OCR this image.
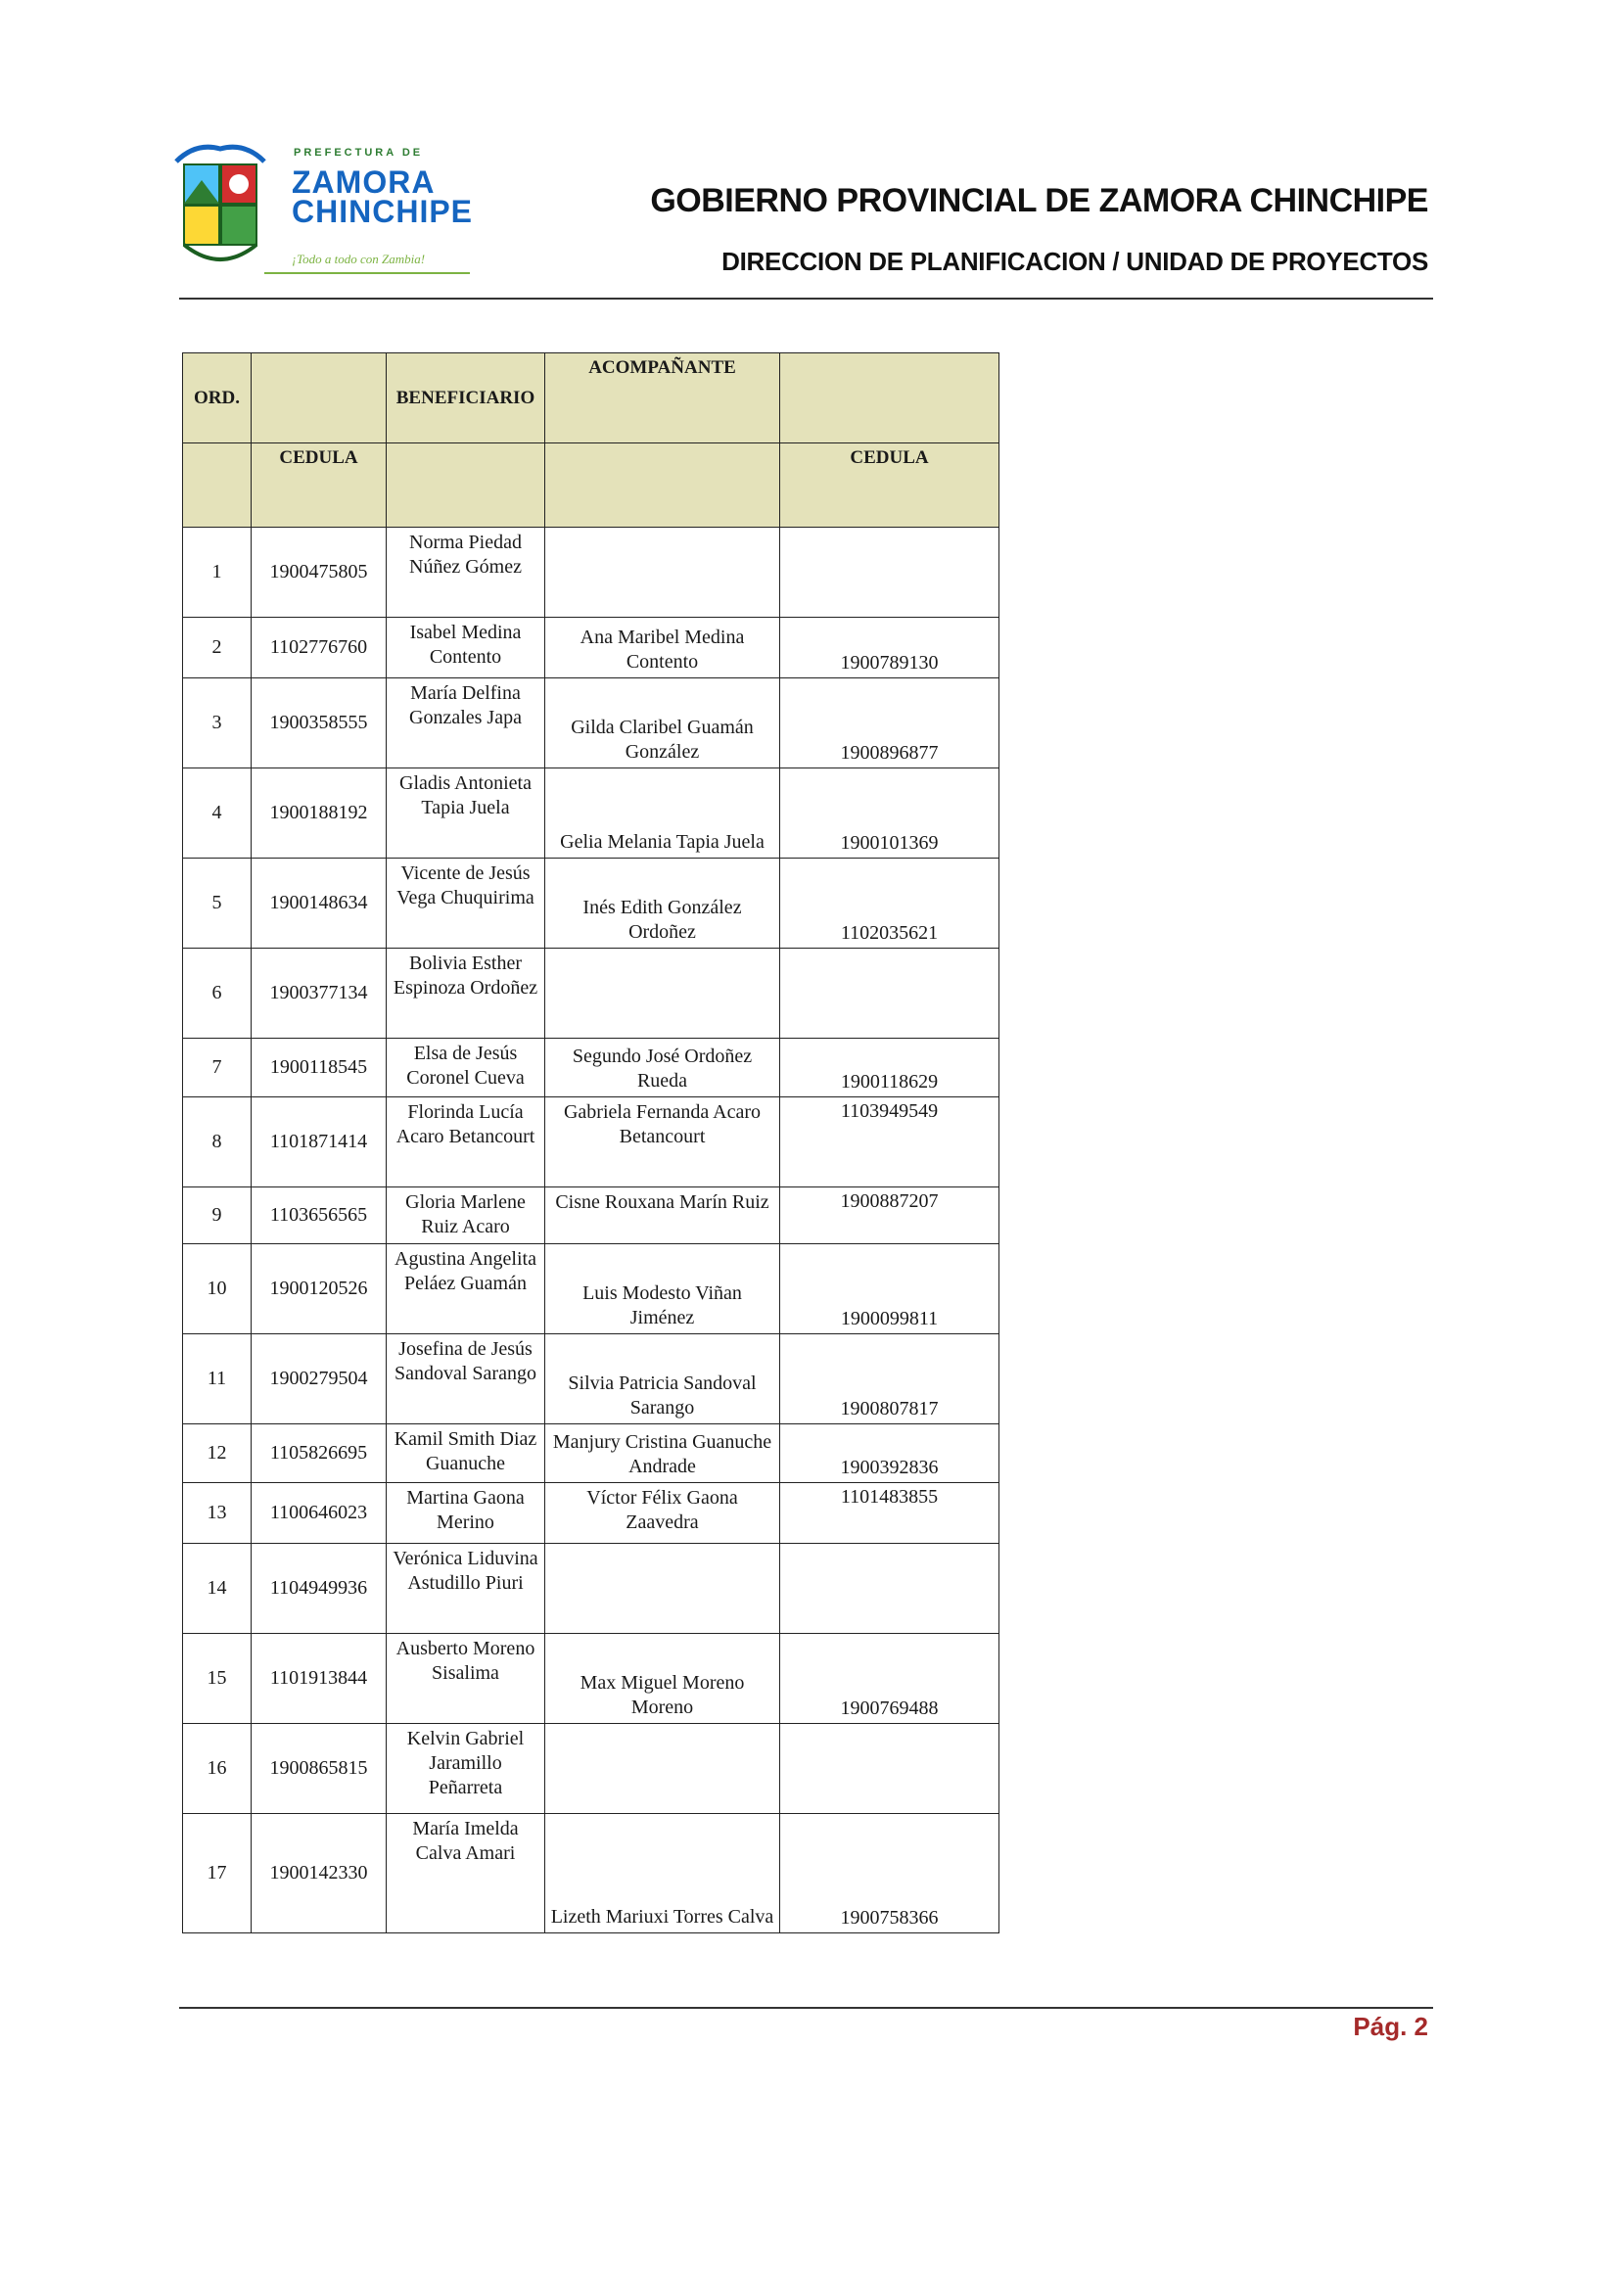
PREFECTURA DE
ZAMORA
CHINCHIPE
¡Todo a todo con Zambia!
GOBIERNO PROVINCIAL DE ZAMORA CHINCHIPE
DIRECCION DE PLANIFICACION / UNIDAD DE PROYECTOS
ORD.		BENEFICIARIO	ACOMPAÑANTE	
	CEDULA			CEDULA
1	1900475805	Norma Piedad Núñez Gómez		
2	1102776760	Isabel Medina Contento	Ana Maribel Medina Contento	1900789130
3	1900358555	María Delfina Gonzales Japa	Gilda Claribel Guamán González	1900896877
4	1900188192	Gladis Antonieta Tapia Juela	Gelia Melania Tapia Juela	1900101369
5	1900148634	Vicente de Jesús Vega Chuquirima	Inés Edith González Ordoñez	1102035621
6	1900377134	Bolivia Esther Espinoza Ordoñez		
7	1900118545	Elsa de Jesús Coronel Cueva	Segundo José Ordoñez Rueda	1900118629
8	1101871414	Florinda Lucía Acaro Betancourt	Gabriela Fernanda Acaro Betancourt	1103949549
9	1103656565	Gloria Marlene Ruiz Acaro	Cisne Rouxana Marín Ruiz	1900887207
10	1900120526	Agustina Angelita Peláez Guamán	Luis Modesto Viñan Jiménez	1900099811
11	1900279504	Josefina de Jesús Sandoval Sarango	Silvia Patricia Sandoval Sarango	1900807817
12	1105826695	Kamil Smith Diaz Guanuche	Manjury Cristina Guanuche Andrade	1900392836
13	1100646023	Martina Gaona Merino	Víctor Félix Gaona Zaavedra	1101483855
14	1104949936	Verónica Liduvina Astudillo Piuri		
15	1101913844	Ausberto Moreno Sisalima	Max Miguel Moreno Moreno	1900769488
16	1900865815	Kelvin Gabriel Jaramillo Peñarreta		
17	1900142330	María Imelda Calva Amari	Lizeth Mariuxi Torres Calva	1900758366
Pág. 2
